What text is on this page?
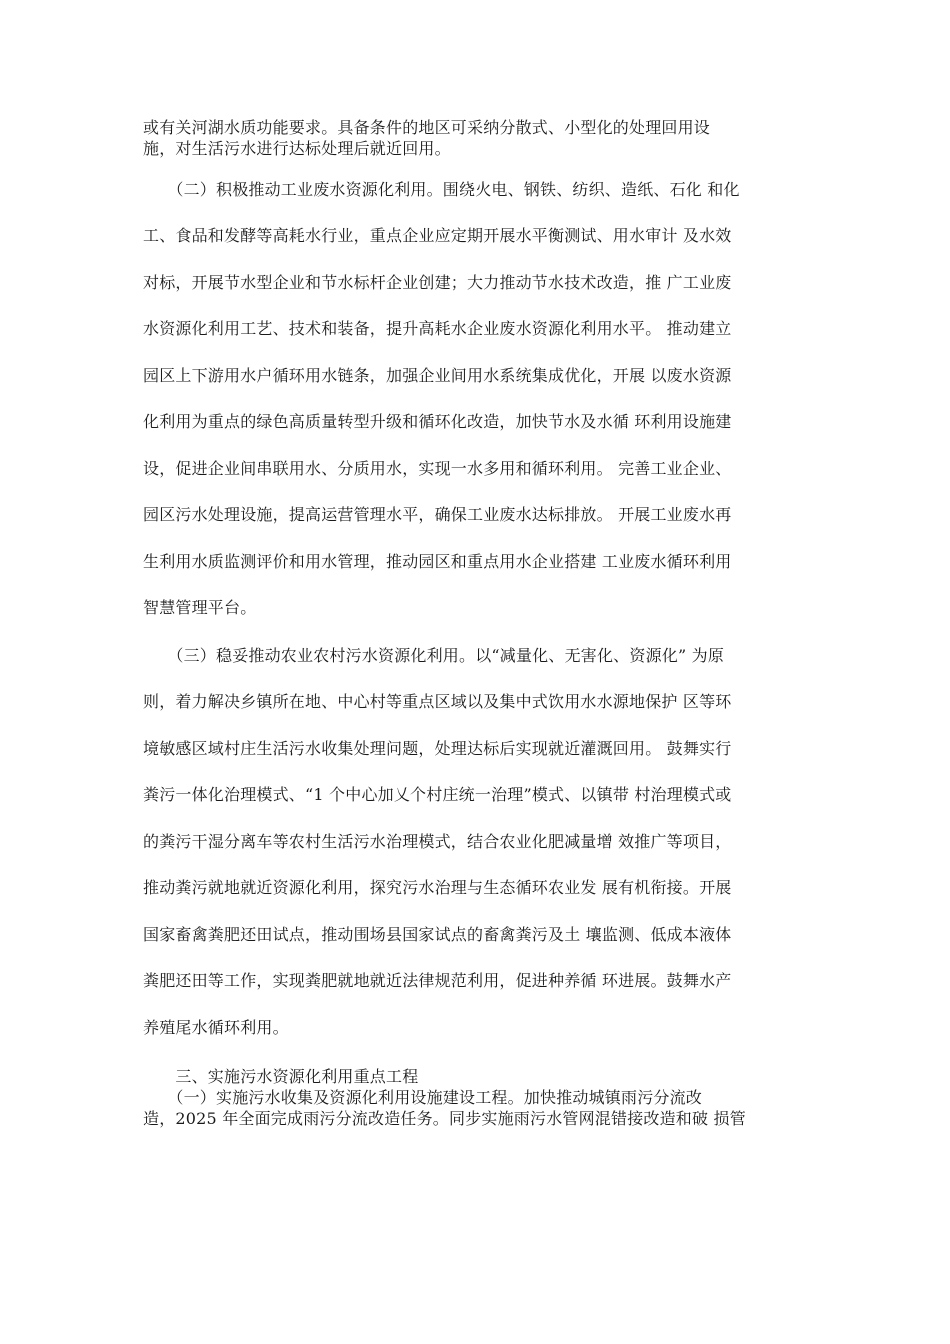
或有关河湖水质功能要求。具备条件的地区可采纳分散式、小型化的处理回用设
施，对生活污水进行达标处理后就近回用。
　　（二）积极推动工业废水资源化利用。围绕火电、钢铁、纺织、造纸、石化 和化
工、食品和发酵等高耗水行业，重点企业应定期开展水平衡测试、用水审计 及水效
对标，开展节水型企业和节水标杆企业创建；大力推动节水技术改造，推 广工业废
水资源化利用工艺、技术和装备，提升高耗水企业废水资源化利用水平。 推动建立
园区上下游用水户循环用水链条，加强企业间用水系统集成优化，开展 以废水资源
化利用为重点的绿色高质量转型升级和循环化改造，加快节水及水循 环利用设施建
设，促进企业间串联用水、分质用水，实现一水多用和循环利用。 完善工业企业、
园区污水处理设施，提高运营管理水平，确保工业废水达标排放。 开展工业废水再
生利用水质监测评价和用水管理，推动园区和重点用水企业搭建 工业废水循环利用
智慧管理平台。
　　（三）稳妥推动农业农村污水资源化利用。以“减量化、无害化、资源化” 为原
则，着力解决乡镇所在地、中心村等重点区域以及集中式饮用水水源地保护 区等环
境敏感区域村庄生活污水收集处理问题，处理达标后实现就近灌溉回用。 鼓舞实行
粪污一体化治理模式、“1 个中心加乂个村庄统一治理”模式、以镇带 村治理模式或
的粪污干湿分离车等农村生活污水治理模式，结合农业化肥减量增 效推广等项目，
推动粪污就地就近资源化利用，探究污水治理与生态循环农业发 展有机衔接。开展
国家畜禽粪肥还田试点，推动围场县国家试点的畜禽粪污及土 壤监测、低成本液体
粪肥还田等工作，实现粪肥就地就近法律规范利用，促进种养循 环进展。鼓舞水产
养殖尾水循环利用。
　　三、实施污水资源化利用重点工程
　　（一）实施污水收集及资源化利用设施建设工程。加快推动城镇雨污分流改
造，2025 年全面完成雨污分流改造任务。同步实施雨污水管网混错接改造和破 损管
